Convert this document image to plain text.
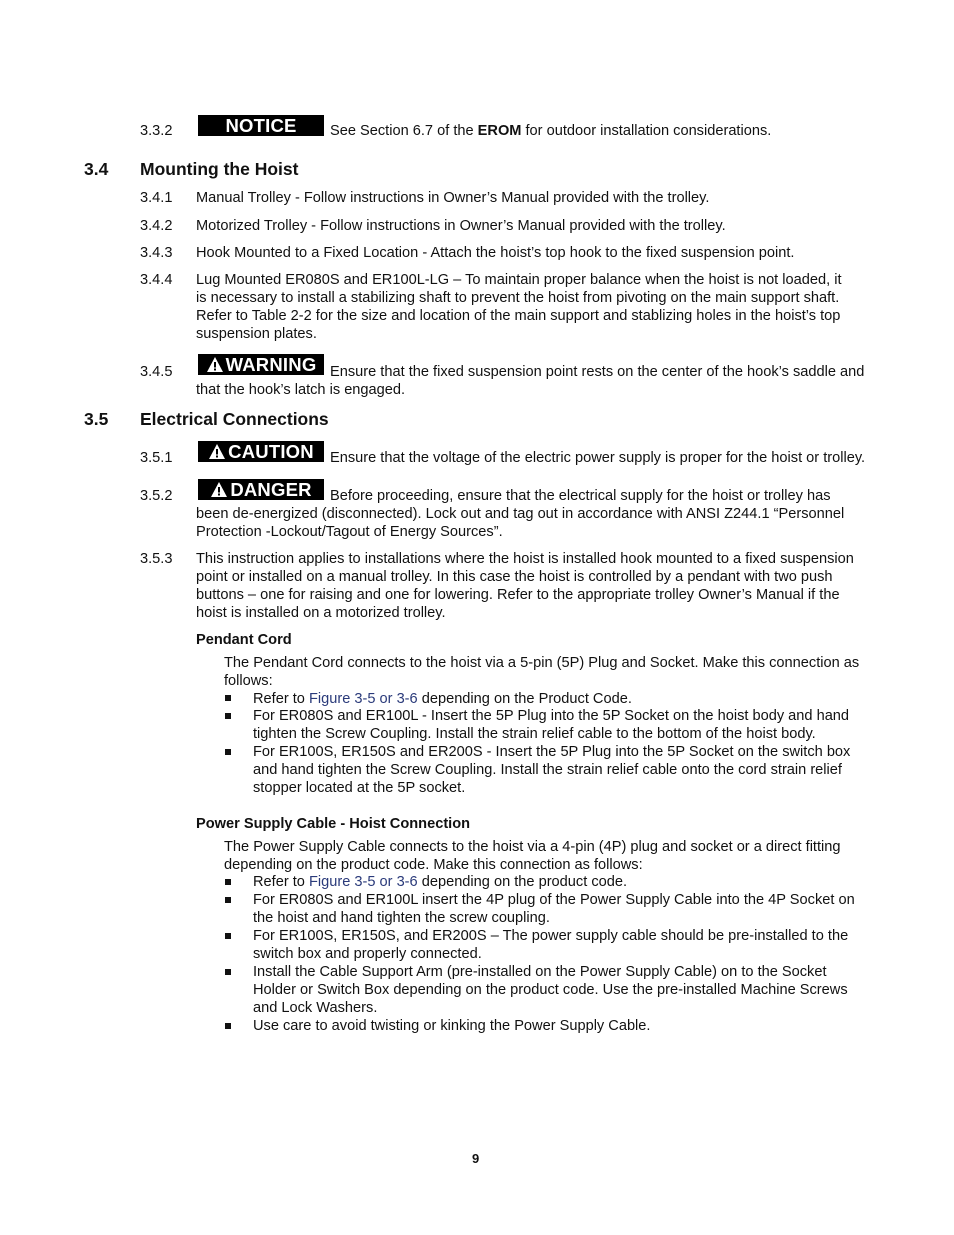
3.3.2	NOTICE	See Section 6.7 of the EROM for outdoor installation considerations.
3.4 Mounting the Hoist
3.4.1 Manual Trolley - Follow instructions in Owner’s Manual provided with the trolley.
3.4.2 Motorized Trolley - Follow instructions in Owner’s Manual provided with the trolley.
3.4.3 Hook Mounted to a Fixed Location - Attach the hoist’s top hook to the fixed suspension point.
3.4.4 Lug Mounted ER080S and ER100L-LG – To maintain proper balance when the hoist is not loaded, it
is necessary to install a stabilizing shaft to prevent the hoist from pivoting on the main support shaft.
Refer to Table 2-2 for the size and location of the main support and stablizing holes in the hoist’s top
suspension plates.
3.4.5	WARNING Ensure that the fixed suspension point rests on the center of the hook’s saddle and
that the hook’s latch is engaged.
3.5 Electrical Connections
3.5.1	CAUTION	Ensure that the voltage of the electric power supply is proper for the hoist or trolley.
3.5.2	DANGER	Before proceeding, ensure that the electrical supply for the hoist or trolley has
been de-energized (disconnected). Lock out and tag out in accordance with ANSI Z244.1 “Personnel
Protection -Lockout/Tagout of Energy Sources”.
3.5.3 This instruction applies to installations where the hoist is installed hook mounted to a fixed suspension
point or installed on a manual trolley. In this case the hoist is controlled by a pendant with two push
buttons – one for raising and one for lowering. Refer to the appropriate trolley Owner’s Manual if the
hoist is installed on a motorized trolley.
Pendant Cord
The Pendant Cord connects to the hoist via a 5-pin (5P) Plug and Socket. Make this connection as
follows:
Refer to Figure 3-5 or 3-6 depending on the Product Code.
For ER080S and ER100L - Insert the 5P Plug into the 5P Socket on the hoist body and hand
tighten the Screw Coupling. Install the strain relief cable to the bottom of the hoist body.
For ER100S, ER150S and ER200S - Insert the 5P Plug into the 5P Socket on the switch box
and hand tighten the Screw Coupling. Install the strain relief cable onto the cord strain relief
stopper located at the 5P socket.
Power Supply Cable - Hoist Connection
The Power Supply Cable connects to the hoist via a 4-pin (4P) plug and socket or a direct fitting
depending on the product code. Make this connection as follows:
Refer to Figure 3-5 or 3-6 depending on the product code.
For ER080S and ER100L insert the 4P plug of the Power Supply Cable into the 4P Socket on
the hoist and hand tighten the screw coupling.
For ER100S, ER150S, and ER200S – The power supply cable should be pre-installed to the
switch box and properly connected.
Install the Cable Support Arm (pre-installed on the Power Supply Cable) on to the Socket
Holder or Switch Box depending on the product code. Use the pre-installed Machine Screws
and Lock Washers.
Use care to avoid twisting or kinking the Power Supply Cable.
9
